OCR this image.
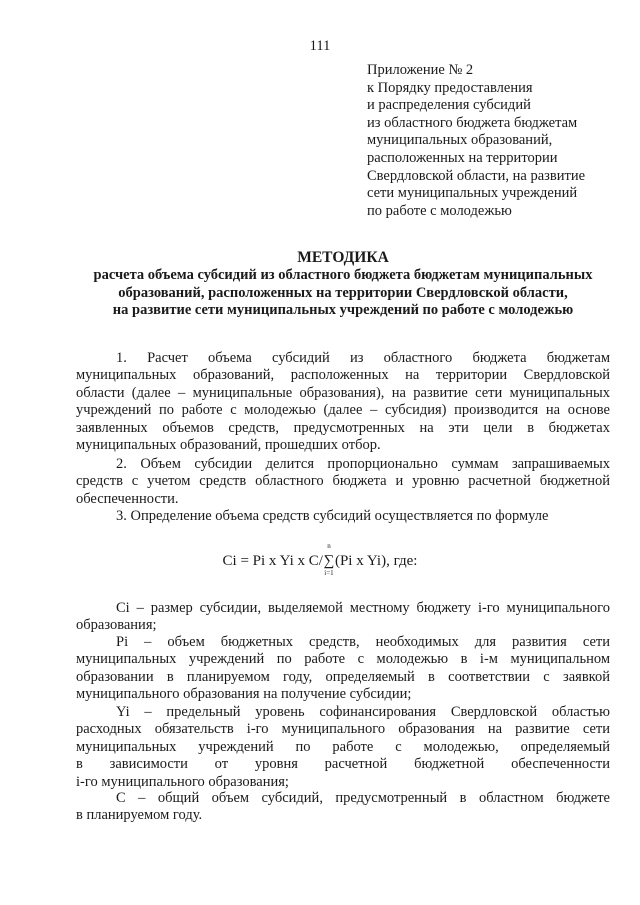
111
Приложение № 2
к Порядку предоставления
и распределения субсидий
из областного бюджета бюджетам
муниципальных образований,
расположенных на территории
Свердловской области, на развитие
сети муниципальных учреждений
по работе с молодежью
МЕТОДИКА
расчета объема субсидий из областного бюджета бюджетам муниципальных
образований, расположенных на территории Свердловской области,
на развитие сети муниципальных учреждений по работе с молодежью
1. Расчет объема субсидий из областного бюджета бюджетам
муниципальных образований, расположенных на территории Свердловской
области (далее – муниципальные образования), на развитие сети муниципальных
учреждений по работе с молодежью (далее – субсидия) производится на основе
заявленных объемов средств, предусмотренных на эти цели в бюджетах
муниципальных образований, прошедших отбор.
2. Объем субсидии делится пропорционально суммам запрашиваемых
средств с учетом средств областного бюджета и уровню расчетной бюджетной
обеспеченности.
3. Определение объема средств субсидий осуществляется по формуле
Ci = Pi x Yi x C/
n
∑
i=1
(Pi x Yi), где:
Ci – размер субсидии, выделяемой местному бюджету i-го муниципального
образования;
Pi – объем бюджетных средств, необходимых для развития сети
муниципальных учреждений по работе с молодежью в i-м муниципальном
образовании в планируемом году, определяемый в соответствии с заявкой
муниципального образования на получение субсидии;
Yi – предельный уровень софинансирования Свердловской областью
расходных обязательств i-го муниципального образования на развитие сети
муниципальных учреждений по работе с молодежью, определяемый
в зависимости от уровня расчетной бюджетной обеспеченности
i-го муниципального образования;
C – общий объем субсидий, предусмотренный в областном бюджете
в планируемом году.
